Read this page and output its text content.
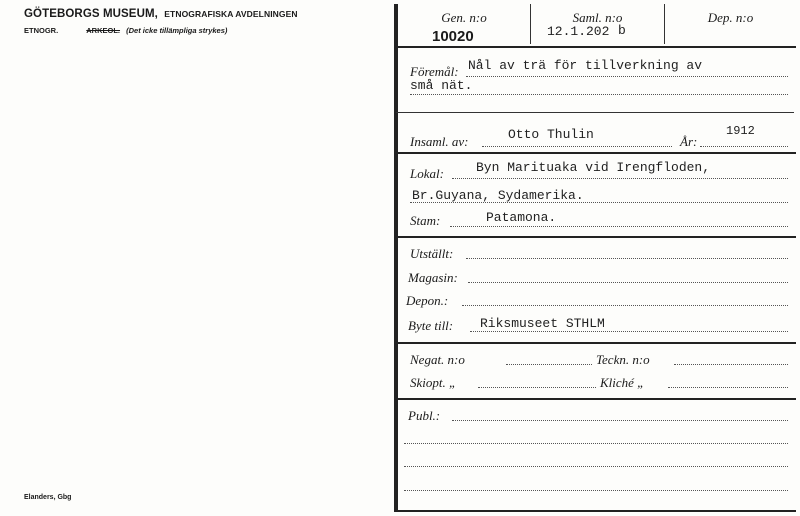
GÖTEBORGS MUSEUM, ETNOGRAFISKA AVDELNINGEN
ETNOGR.	ARKEOL. (Det icke tillämpliga strykes)
Elanders, Gbg
Gen. n:o	Saml. n:o	Dep. n:o
10020	12.1.202 b
Föremål: Nål av trä för tillverkning av
små nät.
Insaml. av:	Otto Thulin	År:
1912
Lokal: Byn Marituaka vid Irengfloden,
Br.Guyana, Sydamerika.
Stam:	Patamona.
Utställt:
Magasin:
Depon.:
Byte till: Riksmuseet STHLM
Negat. n:o	Teckn. n:o
Skiopt. „	Kliché „
Publ.:
